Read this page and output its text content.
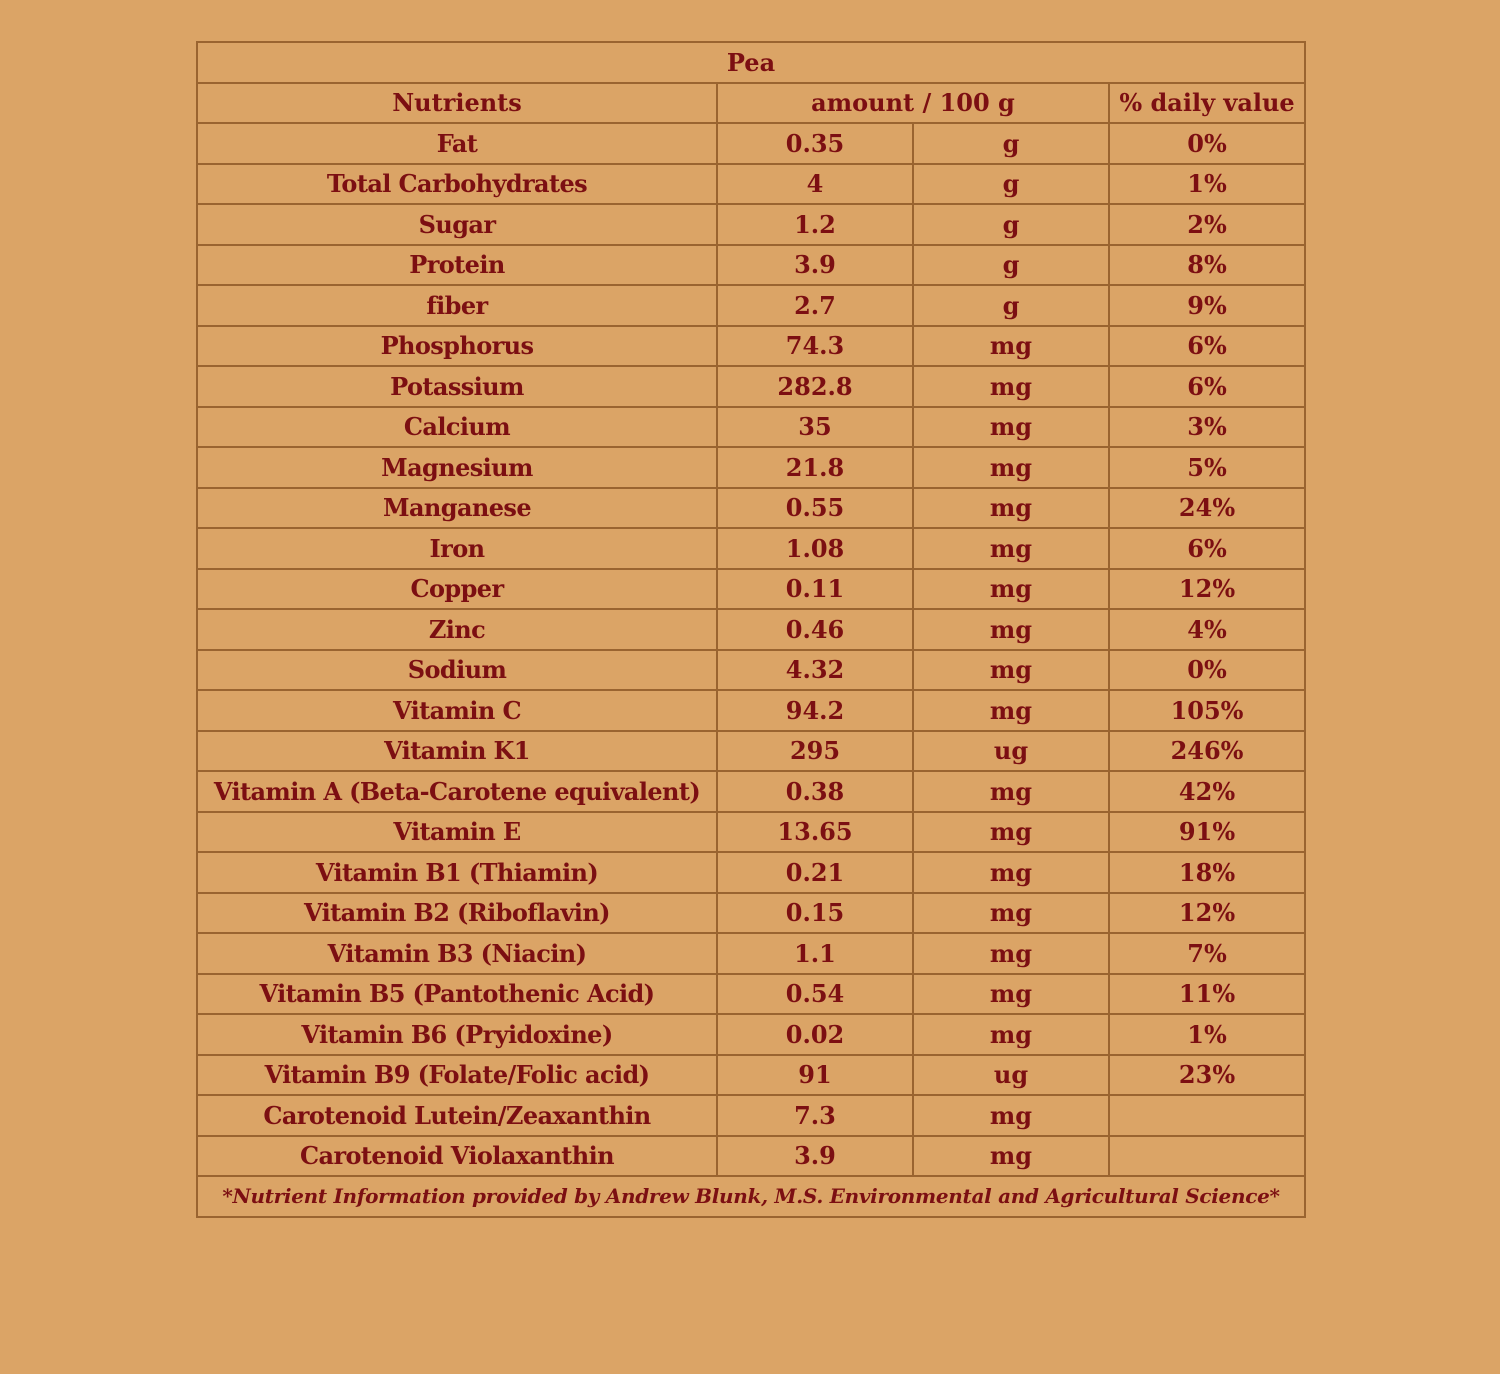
Pea			
Nutrients	amount / 100 g		% daily value
Fat	0.35	g	0%
Total Carbohydrates	4	g	1%
Sugar	1.2	g	2%
Protein	3.9	g	8%
fiber	2.7	g	9%
Phosphorus	74.3	mg	6%
Potassium	282.8	mg	6%
Calcium	35	mg	3%
Magnesium	21.8	mg	5%
Manganese	0.55	mg	24%
Iron	1.08	mg	6%
Copper	0.11	mg	12%
Zinc	0.46	mg	4%
Sodium	4.32	mg	0%
Vitamin C	94.2	mg	105%
Vitamin K1	295	ug	246%
Vitamin A (Beta-Carotene equivalent)	0.38	mg	42%
Vitamin E	13.65	mg	91%
Vitamin B1 (Thiamin)	0.21	mg	18%
Vitamin B2 (Riboflavin)	0.15	mg	12%
Vitamin B3 (Niacin)	1.1	mg	7%
Vitamin B5 (Pantothenic Acid)	0.54	mg	11%
Vitamin B6 (Pryidoxine)	0.02	mg	1%
Vitamin B9 (Folate/Folic acid)	91	ug	23%
Carotenoid Lutein/Zeaxanthin	7.3	mg	
Carotenoid Violaxanthin	3.9	mg	
*Nutrient Information provided by Andrew Blunk, M.S. Environmental and Agricultural Science*			
